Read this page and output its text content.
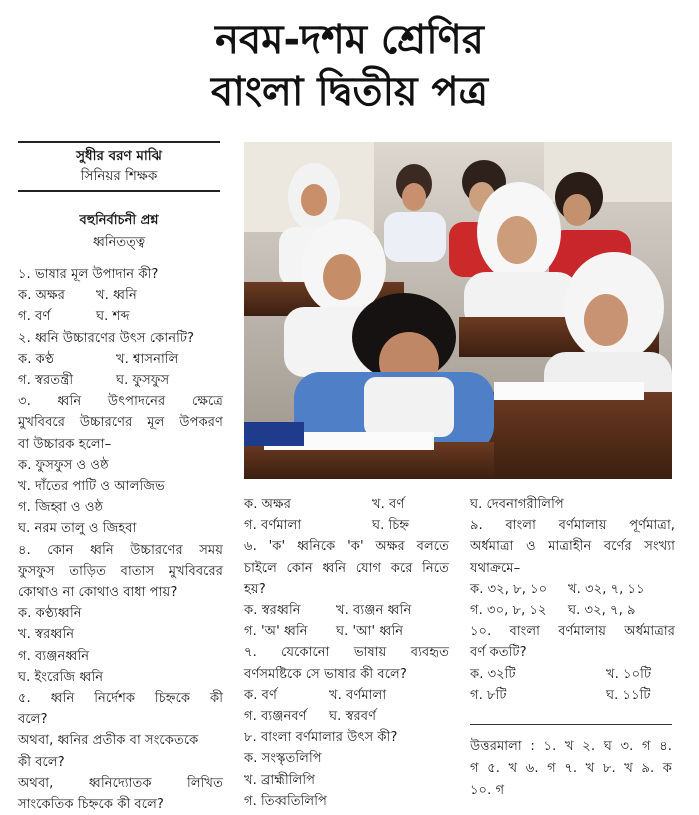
নবম-দশম শ্রেণির
বাংলা দ্বিতীয় পত্র
সুধীর বরণ মাঝি
সিনিয়র শিক্ষক
বহুনির্বাচনী প্রশ্ন
ধ্বনিতত্ত্ব

১. ভাষার মূল উপাদান কী?

ক. অক্ষর	খ. ধ্বনি
গ. বর্ণ	ঘ. শব্দ

২. ধ্বনি উচ্চারণের উৎস কোনটি?

ক. কণ্ঠ	খ. শ্বাসনালি
গ. স্বরতন্ত্রী	ঘ. ফুসফুস

৩. ধ্বনি উৎপাদনের ক্ষেত্রে

মুখবিবরে উচ্চারণের মূল উপকরণ

বা উচ্চারক হলো–

ক. ফুসফুস ও ওষ্ঠ

খ. দাঁতের পাটি ও আলজিভ

গ. জিহ্বা ও ওষ্ঠ

ঘ. নরম তালু ও জিহবা

৪. কোন ধ্বনি উচ্চারণের সময়

ফুসফুস তাড়িত বাতাস মুখবিবরের

কোথাও না কোথাও বাধা পায়?

ক. কণ্ঠ্যধ্বনি

খ. স্বরধ্বনি

গ. ব্যঞ্জনধ্বনি

ঘ. ইংরেজি ধ্বনি

৫. ধ্বনি নির্দেশক চিহ্নকে কী

বলে?

অথবা, ধ্বনির প্রতীক বা সংকেতকে

কী বলে?

অথবা, ধ্বনিদ্যোতক লিখিত

সাংকেতিক চিহ্নকে কী বলে?

ক. অক্ষর	খ. বর্ণ
গ. বর্ণমালা	ঘ. চিহ্ন

৬. 'ক' ধ্বনিকে 'ক' অক্ষর বলতে

চাইলে কোন ধ্বনি যোগ করে নিতে

হয়?

ক. স্বরধ্বনি	খ. ব্যঞ্জন ধ্বনি
গ. 'অ' ধ্বনি	ঘ. 'আ' ধ্বনি

৭. যেকোনো ভাষায় ব্যবহৃত

বর্ণসমষ্টিকে সে ভাষার কী বলে?

ক. বর্ণ	খ. বর্ণমালা
গ. ব্যঞ্জনবর্ণ	ঘ. স্বরবর্ণ

৮. বাংলা বর্ণমালার উৎস কী?

ক. সংস্কৃতলিপি

খ. ব্রাহ্মীলিপি

গ. তিব্বতিলিপি

ঘ. দেবনাগরীলিপি

৯. বাংলা বর্ণমালায় পূর্ণমাত্রা,

অর্ধমাত্রা ও মাত্রাহীন বর্ণের সংখ্যা

যথাক্রমে–

ক. ৩২, ৮, ১০	খ. ৩২, ৭, ১১
গ. ৩০, ৮, ১২	ঘ. ৩২, ৭, ৯

১০. বাংলা বর্ণমালায় অর্ধমাত্রার

বর্ণ কতটি?

ক. ৩২টি	খ. ১০টি
গ. ৮টি	ঘ. ১১টি

উত্তরমালা : ১. খ ২. ঘ ৩. গ ৪.

গ ৫. খ ৬. গ ৭. খ ৮. খ ৯. ক

১০. গ
